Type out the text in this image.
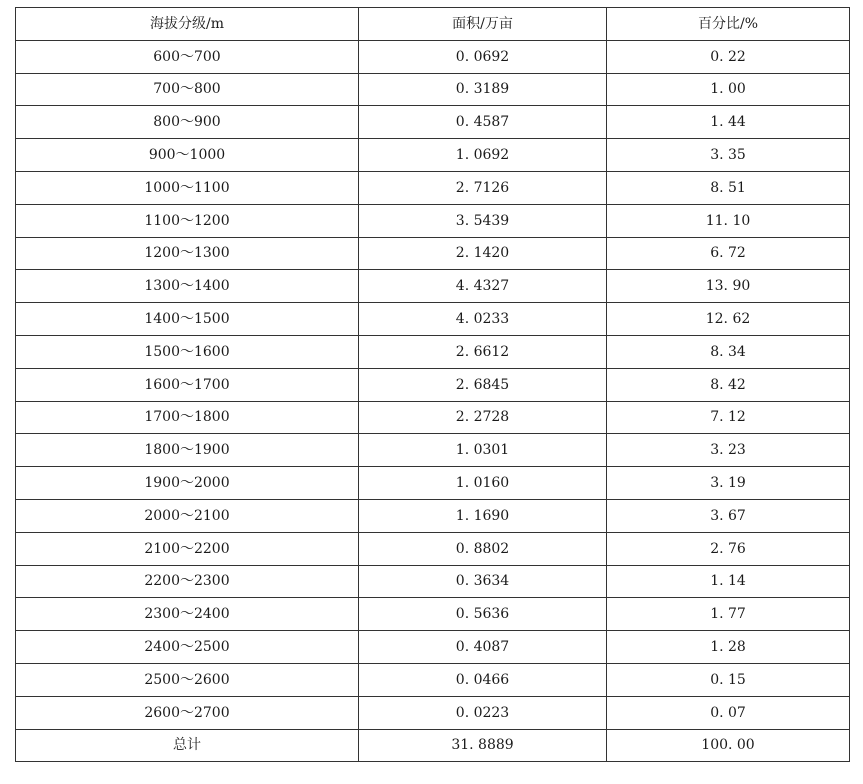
海拔分级/m	面积/万亩	百分比/%
600～700	0. 0692	0. 22
700～800	0. 3189	1. 00
800～900	0. 4587	1. 44
900～1000	1. 0692	3. 35
1000～1100	2. 7126	8. 51
1100～1200	3. 5439	11. 10
1200～1300	2. 1420	6. 72
1300～1400	4. 4327	13. 90
1400～1500	4. 0233	12. 62
1500～1600	2. 6612	8. 34
1600～1700	2. 6845	8. 42
1700～1800	2. 2728	7. 12
1800～1900	1. 0301	3. 23
1900～2000	1. 0160	3. 19
2000～2100	1. 1690	3. 67
2100～2200	0. 8802	2. 76
2200～2300	0. 3634	1. 14
2300～2400	0. 5636	1. 77
2400～2500	0. 4087	1. 28
2500～2600	0. 0466	0. 15
2600～2700	0. 0223	0. 07
总计	31. 8889	100. 00
